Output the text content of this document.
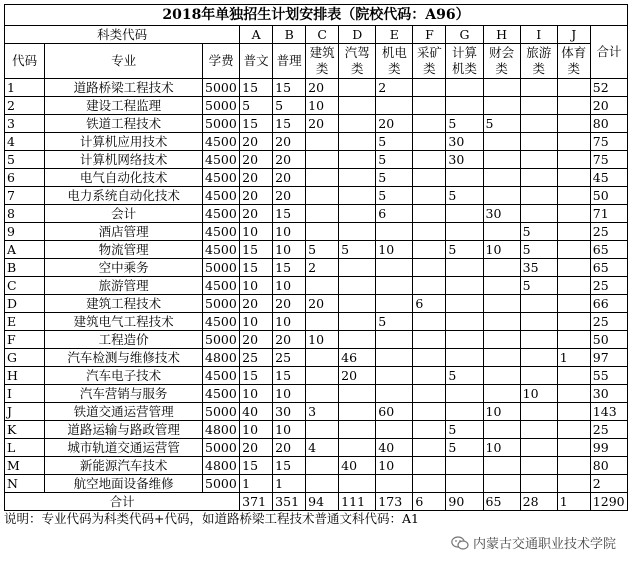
2018年单独招生计划安排表（院校代码：A96）
科类代码			A	B	C	D	E	F	G	H	I	J	合计
代码	专业	学费	普文	普理	建筑类	汽驾类	机电类	采矿类	计算机类	财会类	旅游类	体育类	
1	道路桥梁工程技术	5000	15	15	20		2						52
2	建设工程监理	5000	5	5	10								20
3	铁道工程技术	5000	15	15	20		20		5	5			80
4	计算机应用技术	4500	20	20			5		30				75
5	计算机网络技术	4500	20	20			5		30				75
6	电气自动化技术	4500	20	20			5						45
7	电力系统自动化技术	4500	20	20			5		5				50
8	会计	4500	20	15			6			30			71
9	酒店管理	4500	10	10							5		25
A	物流管理	4500	15	10	5	5	10		5	10	5		65
B	空中乘务	5000	15	15	2						35		65
C	旅游管理	4500	10	10							5		25
D	建筑工程技术	5000	20	20	20			6					66
E	建筑电气工程技术	4500	10	10			5						25
F	工程造价	5000	20	20	10								50
G	汽车检测与维修技术	4800	25	25		46						1	97
H	汽车电子技术	4500	15	15		20			5				55
I	汽车营销与服务	4500	10	10							10		30
J	铁道交通运营管理	5000	40	30	3		60			10			143
K	道路运输与路政管理	4800	10	10					5				25
L	城市轨道交通运营管	5000	20	20	4		40		5	10			99
M	新能源汽车技术	4800	15	15		40	10						80
N	航空地面设备维修	5000	1	1									2
合计			371	351	94	111	173	6	90	65	28	1	1290
说明：专业代码为科类代码+代码，如道路桥梁工程技术普通文科代码：A1
内蒙古交通职业技术学院
